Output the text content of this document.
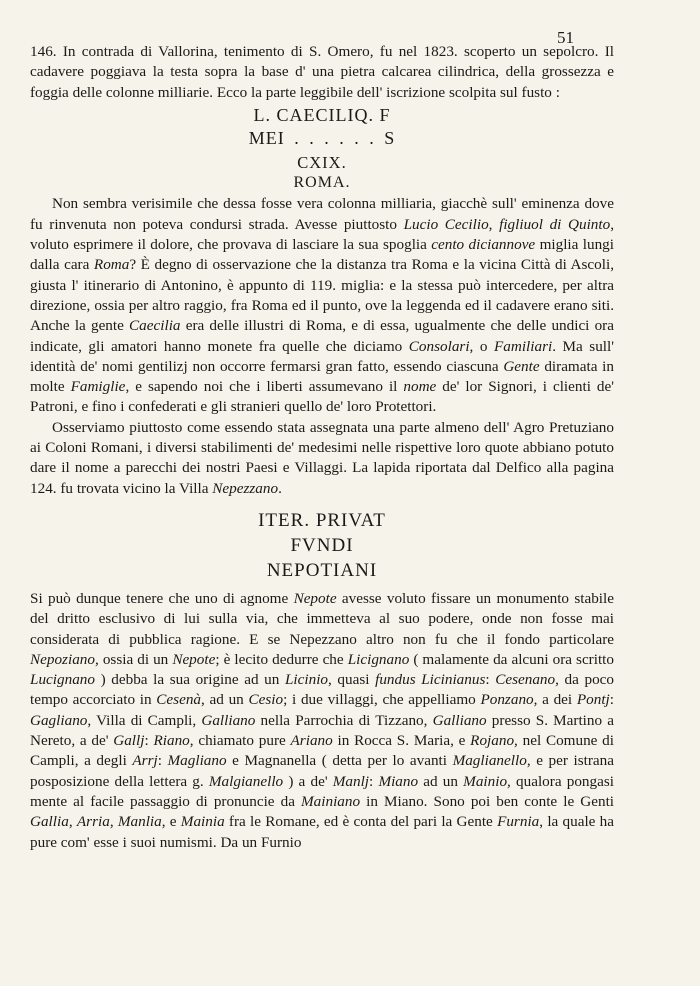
51

146. In contrada di Vallorina, tenimento di S. Omero, fu nel 1823. scoperto un sepolcro. Il cadavere poggiava la testa sopra la base d' una pietra calcarea cilindrica, della grossezza e foggia delle colonne milliarie. Ecco la parte leggibile dell' iscrizione scolpita sul fusto :

L. CAECILIQ. F
MEI . . . . . . S
CXIX.
ROMA.

Non sembra verisimile che dessa fosse vera colonna milliaria, giacchè sull' eminenza dove fu rinvenuta non poteva condursi strada. Avesse piuttosto Lucio Cecilio, figliuol di Quinto, voluto esprimere il dolore, che provava di lasciare la sua spoglia cento diciannove miglia lungi dalla cara Roma? È degno di osservazione che la distanza tra Roma e la vicina Città di Ascoli, giusta l' itinerario di Antonino, è appunto di 119. miglia: e la stessa può intercedere, per altra direzione, ossia per altro raggio, fra Roma ed il punto, ove la leggenda ed il cadavere erano siti. Anche la gente Caecilia era delle illustri di Roma, e di essa, ugualmente che delle undici ora indicate, gli amatori hanno monete fra quelle che diciamo Consolari, o Familiari. Ma sull' identità de' nomi gentilizj non occorre fermarsi gran fatto, essendo ciascuna Gente diramata in molte Famiglie, e sapendo noi che i liberti assumevano il nome de' lor Signori, i clienti de' Patroni, e fino i confederati e gli stranieri quello de' loro Protettori.

Osserviamo piuttosto come essendo stata assegnata una parte almeno dell' Agro Pretuziano ai Coloni Romani, i diversi stabilimenti de' medesimi nelle rispettive loro quote abbiano potuto dare il nome a parecchi dei nostri Paesi e Villaggi. La lapida riportata dal Delfico alla pagina 124. fu trovata vicino la Villa Nepezzano.

ITER. PRIVAT
FVNDI
NEPOTIANI

Si può dunque tenere che uno di agnome Nepote avesse voluto fissare un monumento stabile del dritto esclusivo di lui sulla via, che immetteva al suo podere, onde non fosse mai considerata di pubblica ragione. E se Nepezzano altro non fu che il fondo particolare Nepoziano, ossia di un Nepote; è lecito dedurre che Licignano ( malamente da alcuni ora scritto Lucignano ) debba la sua origine ad un Licinio, quasi fundus Licinianus: Cesenano, da poco tempo accorciato in Cesenà, ad un Cesio; i due villaggi, che appelliamo Ponzano, a dei Pontj: Gagliano, Villa di Campli, Galliano nella Parrochia di Tizzano, Galliano presso S. Martino a Nereto, a de' Gallj: Riano, chiamato pure Ariano in Rocca S. Maria, e Rojano, nel Comune di Campli, a degli Arrj: Magliano e Magnanella ( detta per lo avanti Maglianello, e per istrana posposizione della lettera g. Malgianello ) a de' Manlj: Miano ad un Mainio, qualora pongasi mente al facile passaggio di pronuncie da Mainiano in Miano. Sono poi ben conte le Genti Gallia, Arria, Manlia, e Mainia fra le Romane, ed è conta del pari la Gente Furnia, la quale ha pure com' esse i suoi numismi. Da un Furnio
